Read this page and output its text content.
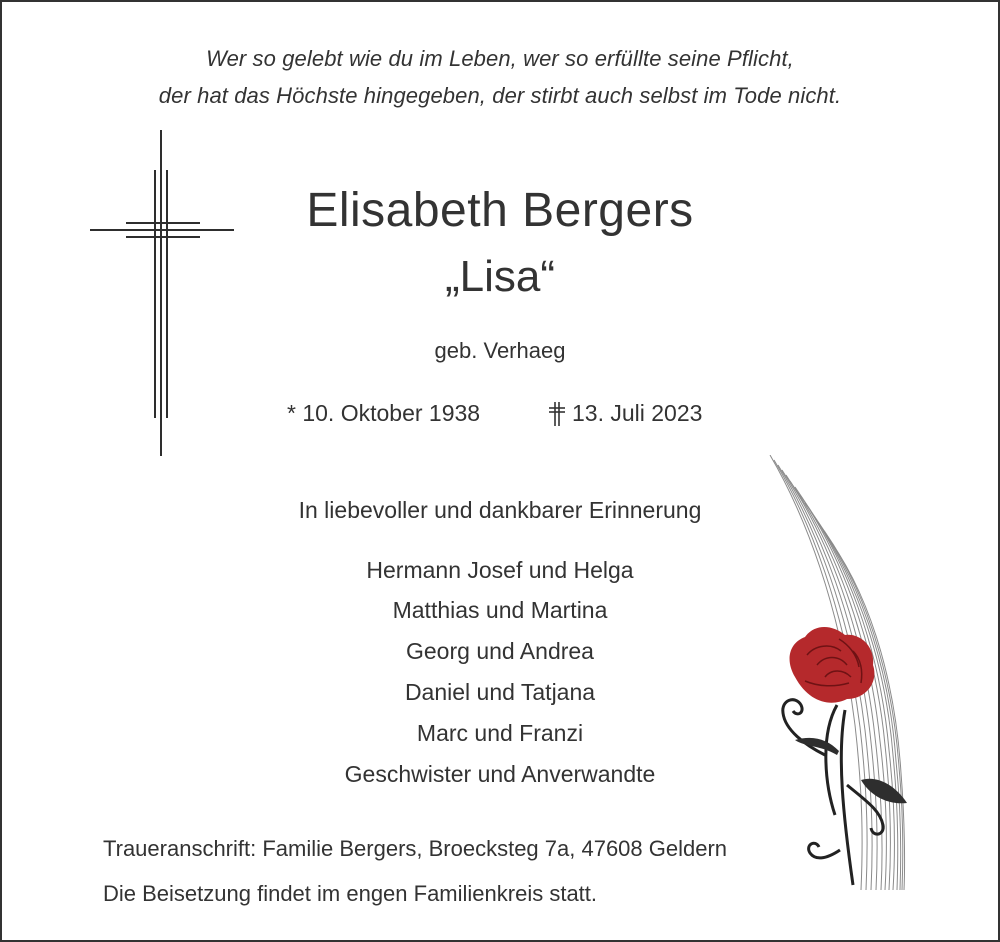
Wer so gelebt wie du im Leben, wer so erfüllte seine Pflicht,
der hat das Höchste hingegeben, der stirbt auch selbst im Tode nicht.
Elisabeth Bergers
„Lisa“
geb. Verhaeg
* 10. Oktober 1938	13. Juli 2023
In liebevoller und dankbarer Erinnerung
Hermann Josef und Helga
Matthias und Martina
Georg und Andrea
Daniel und Tatjana
Marc und Franzi
Geschwister und Anverwandte
Traueranschrift: Familie Bergers, Broecksteg 7a, 47608 Geldern
Die Beisetzung findet im engen Familienkreis statt.
